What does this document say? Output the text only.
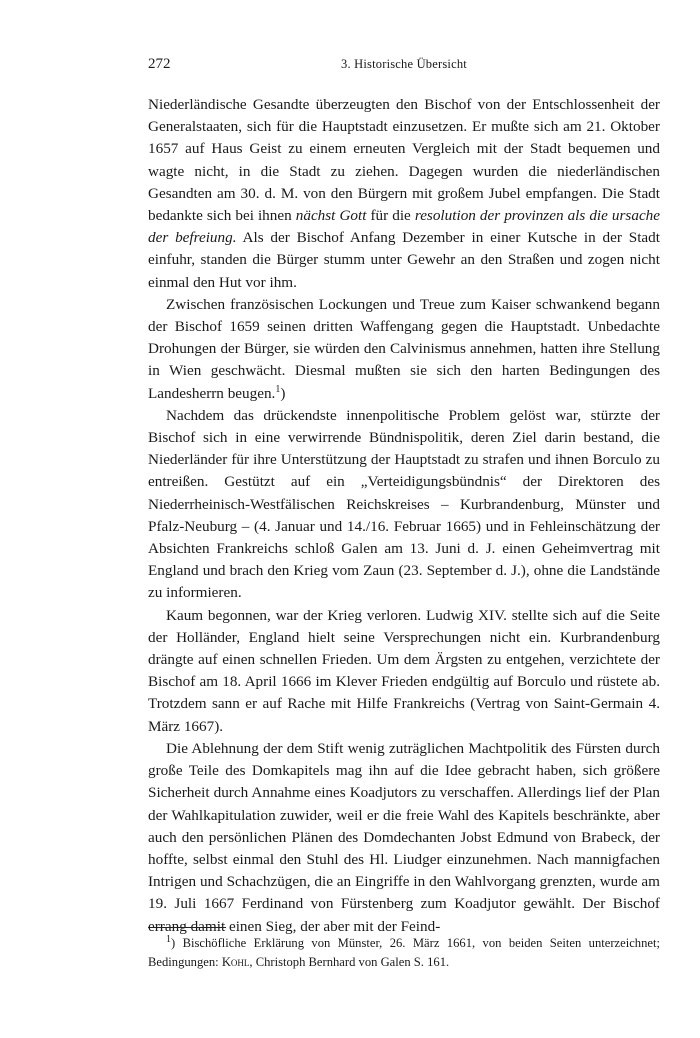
272	3. Historische Übersicht

Niederländische Gesandte überzeugten den Bischof von der Entschlossenheit der Generalstaaten, sich für die Hauptstadt einzusetzen. Er mußte sich am 21. Oktober 1657 auf Haus Geist zu einem erneuten Vergleich mit der Stadt bequemen und wagte nicht, in die Stadt zu ziehen. Dagegen wurden die niederländischen Gesandten am 30. d. M. von den Bürgern mit großem Jubel empfangen. Die Stadt bedankte sich bei ihnen nächst Gott für die resolution der provinzen als die ursache der befreiung. Als der Bischof Anfang Dezember in einer Kutsche in der Stadt einfuhr, standen die Bürger stumm unter Gewehr an den Straßen und zogen nicht einmal den Hut vor ihm.

Zwischen französischen Lockungen und Treue zum Kaiser schwankend begann der Bischof 1659 seinen dritten Waffengang gegen die Hauptstadt. Unbedachte Drohungen der Bürger, sie würden den Calvinismus annehmen, hatten ihre Stellung in Wien geschwächt. Diesmal mußten sie sich den harten Bedingungen des Landesherrn beugen.$^1$)

Nachdem das drückendste innenpolitische Problem gelöst war, stürzte der Bischof sich in eine verwirrende Bündnispolitik, deren Ziel darin bestand, die Niederländer für ihre Unterstützung der Hauptstadt zu strafen und ihnen Borculo zu entreißen. Gestützt auf ein „Verteidigungsbündnis“ der Direktoren des Niederrheinisch-Westfälischen Reichskreises – Kurbrandenburg, Münster und Pfalz-Neuburg – (4. Januar und 14./16. Februar 1665) und in Fehleinschätzung der Absichten Frankreichs schloß Galen am 13. Juni d. J. einen Geheimvertrag mit England und brach den Krieg vom Zaun (23. September d. J.), ohne die Landstände zu informieren.

Kaum begonnen, war der Krieg verloren. Ludwig XIV. stellte sich auf die Seite der Holländer, England hielt seine Versprechungen nicht ein. Kurbrandenburg drängte auf einen schnellen Frieden. Um dem Ärgsten zu entgehen, verzichtete der Bischof am 18. April 1666 im Klever Frieden endgültig auf Borculo und rüstete ab. Trotzdem sann er auf Rache mit Hilfe Frankreichs (Vertrag von Saint-Germain 4. März 1667).

Die Ablehnung der dem Stift wenig zuträglichen Machtpolitik des Fürsten durch große Teile des Domkapitels mag ihn auf die Idee gebracht haben, sich größere Sicherheit durch Annahme eines Koadjutors zu verschaffen. Allerdings lief der Plan der Wahlkapitulation zuwider, weil er die freie Wahl des Kapitels beschränkte, aber auch den persönlichen Plänen des Domdechanten Jobst Edmund von Brabeck, der hoffte, selbst einmal den Stuhl des Hl. Liudger einzunehmen. Nach mannigfachen Intrigen und Schachzügen, die an Eingriffe in den Wahlvorgang grenzten, wurde am 19. Juli 1667 Ferdinand von Fürstenberg zum Koadjutor gewählt. Der Bischof errang damit einen Sieg, der aber mit der Feind-

$^1$) Bischöfliche Erklärung von Münster, 26. März 1661, von beiden Seiten unterzeichnet; Bedingungen: Kohl, Christoph Bernhard von Galen S. 161.
